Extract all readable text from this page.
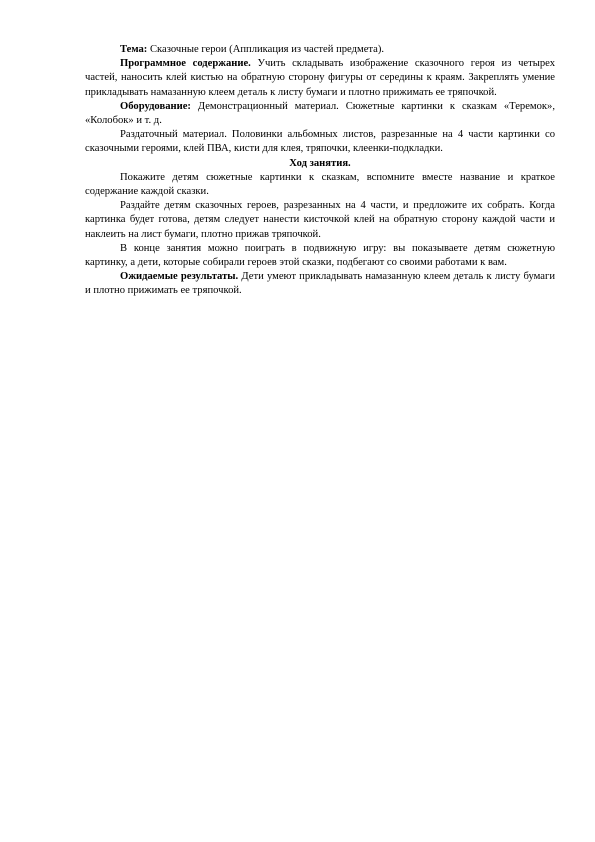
Тема: Сказочные герои (Аппликация из частей предмета).

Программное содержание. Учить складывать изображение сказочного героя из четырех частей, наносить клей кистью на обратную сторону фигуры от середины к краям. Закреплять умение прикладывать намазанную клеем деталь к листу бумаги и плотно прижимать ее тряпочкой.

Оборудование: Демонстрационный материал. Сюжетные картинки к сказкам «Теремок», «Колобок» и т. д.

Раздаточный материал. Половинки альбомных листов, разрезанные на 4 части картинки со сказочными героями, клей ПВА, кисти для клея, тряпочки, клеенки-подкладки.

Ход занятия.

Покажите детям сюжетные картинки к сказкам, вспомните вместе название и краткое содержание каждой сказки.

Раздайте детям сказочных героев, разрезанных на 4 части, и предложите их собрать. Когда картинка будет готова, детям следует нанести кисточкой клей на обратную сторону каждой части и наклеить на лист бумаги, плотно прижав тряпочкой.

В конце занятия можно поиграть в подвижную игру: вы показываете детям сюжетную картинку, а дети, которые собирали героев этой сказки, подбегают со своими работами к вам.

Ожидаемые результаты. Дети умеют прикладывать намазанную клеем деталь к листу бумаги и плотно прижимать ее тряпочкой.
